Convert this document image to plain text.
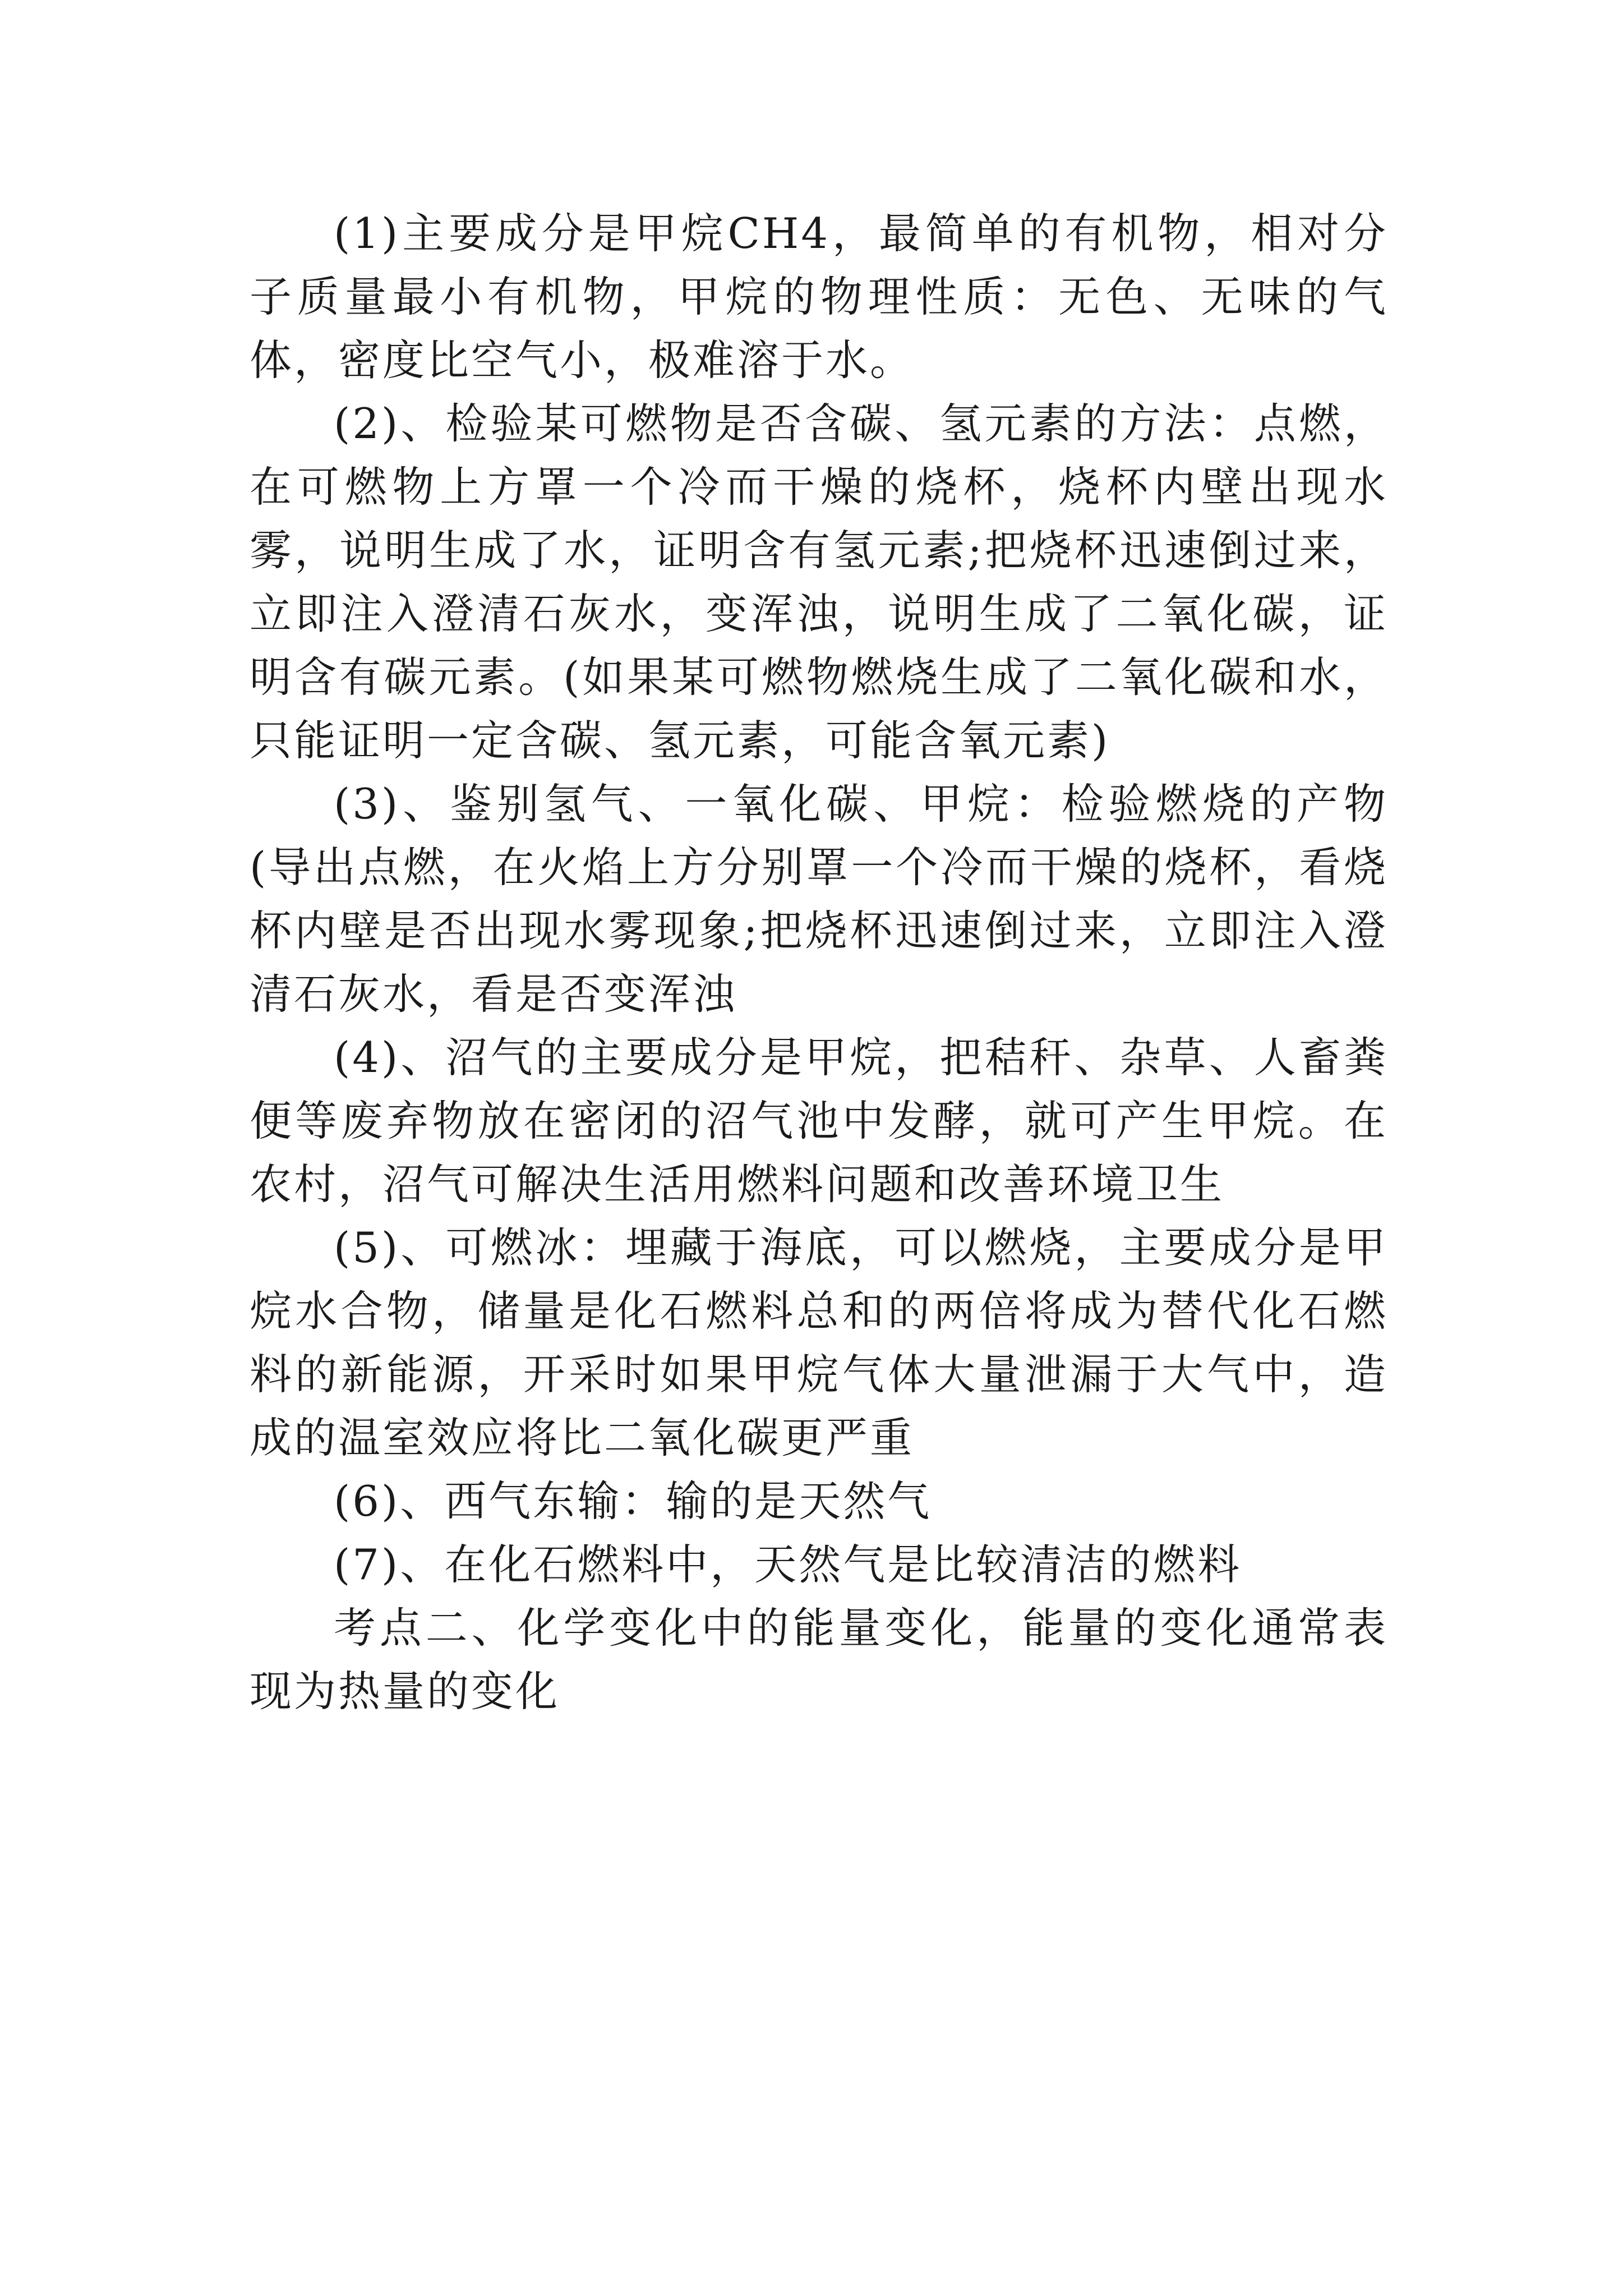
(1)主要成分是甲烷CH4，最简单的有机物，相对分子质量最小有机物，甲烷的物理性质：无色、无味的气体，密度比空气小，极难溶于水。

(2)、检验某可燃物是否含碳、氢元素的方法：点燃，在可燃物上方罩一个冷而干燥的烧杯，烧杯内壁出现水雾，说明生成了水，证明含有氢元素;把烧杯迅速倒过来，立即注入澄清石灰水，变浑浊，说明生成了二氧化碳，证明含有碳元素。(如果某可燃物燃烧生成了二氧化碳和水，只能证明一定含碳、氢元素，可能含氧元素)

(3)、鉴别氢气、一氧化碳、甲烷：检验燃烧的产物(导出点燃，在火焰上方分别罩一个冷而干燥的烧杯，看烧杯内壁是否出现水雾现象;把烧杯迅速倒过来，立即注入澄清石灰水，看是否变浑浊

(4)、沼气的主要成分是甲烷，把秸秆、杂草、人畜粪便等废弃物放在密闭的沼气池中发酵，就可产生甲烷。在农村，沼气可解决生活用燃料问题和改善环境卫生

(5)、可燃冰：埋藏于海底，可以燃烧，主要成分是甲烷水合物，储量是化石燃料总和的两倍将成为替代化石燃料的新能源，开采时如果甲烷气体大量泄漏于大气中，造成的温室效应将比二氧化碳更严重

(6)、西气东输：输的是天然气

(7)、在化石燃料中，天然气是比较清洁的燃料

考点二、化学变化中的能量变化，能量的变化通常表现为热量的变化
